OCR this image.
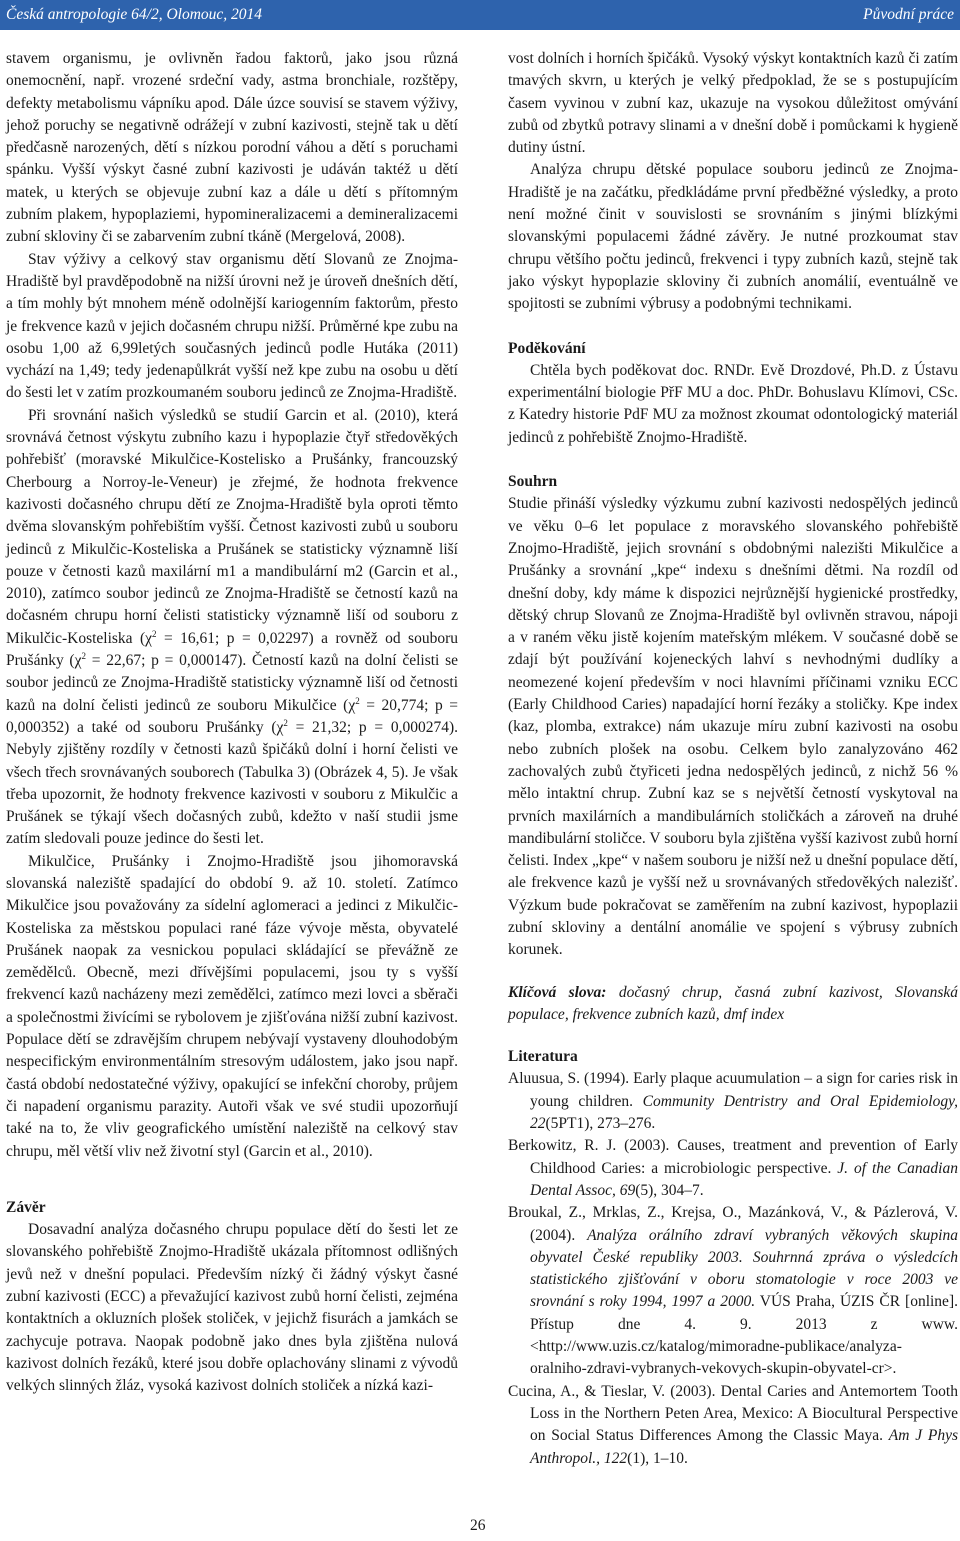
Česká antropologie 64/2, Olomouc, 2014	Původní práce

stavem organismu, je ovlivněn řadou faktorů, jako jsou různá onemocnění, např. vrozené srdeční vady, astma bronchiale, rozštěpy, defekty metabolismu vápníku apod. Dále úzce souvisí se stavem výživy, jehož poruchy se negativně odrážejí v zubní kazivosti, stejně tak u dětí předčasně narozených, dětí s nízkou porodní váhou a dětí s poruchami spánku. Vyšší výskyt časné zubní kazivosti je udáván taktéž u dětí matek, u kterých se objevuje zubní kaz a dále u dětí s přítomným zubním plakem, hypoplaziemi, hypomineralizacemi a demineralizacemi zubní skloviny či se zabarvením zubní tkáně (Mergelová, 2008).

Stav výživy a celkový stav organismu dětí Slovanů ze Znojma-Hradiště byl pravděpodobně na nižší úrovni než je úroveň dnešních dětí, a tím mohly být mnohem méně odolnější kariogenním faktorům, přesto je frekvence kazů v jejich dočasném chrupu nižší. Průměrné kpe zubu na osobu 1,00 až 6,99letých současných jedinců podle Hutáka (2011) vychází na 1,49; tedy jedenapůlkrát vyšší než kpe zubu na osobu u dětí do šesti let v zatím prozkoumaném souboru jedinců ze Znojma-Hradiště.

Při srovnání našich výsledků se studií Garcin et al. (2010), která srovnává četnost výskytu zubního kazu i hypoplazie čtyř středověkých pohřebišť (moravské Mikulčice-Kostelisko a Prušánky, francouzský Cherbourg a Norroy-le-Veneur) je zřejmé, že hodnota frekvence kazivosti dočasného chrupu dětí ze Znojma-Hradiště byla oproti těmto dvěma slovanským pohřebištím vyšší. Četnost kazivosti zubů u souboru jedinců z Mikulčic-Kosteliska a Prušánek se statisticky významně liší pouze v četnosti kazů maxilární m1 a mandibulární m2 (Garcin et al., 2010), zatímco soubor jedinců ze Znojma-Hradiště se četností kazů na dočasném chrupu horní čelisti statisticky významně liší od souboru z Mikulčic-Kosteliska ($\chi^2 = 16,61$; p = 0,02297) a rovněž od souboru Prušánky ($\chi^2 = 22,67$; p = 0,000147). Četností kazů na dolní čelisti se soubor jedinců ze Znojma-Hradiště statisticky významně liší od četnosti kazů na dolní čelisti jedinců ze souboru Mikulčice ($\chi^2 = 20,774$; p = 0,000352) a také od souboru Prušánky ($\chi^2 = 21,32$; p = 0,000274). Nebyly zjištěny rozdíly v četnosti kazů špičáků dolní i horní čelisti ve všech třech srovnávaných souborech (Tabulka 3) (Obrázek 4, 5). Je však třeba upozornit, že hodnoty frekvence kazivosti v souboru z Mikulčic a Prušánek se týkají všech dočasných zubů, kdežto v naší studii jsme zatím sledovali pouze jedince do šesti let.

Mikulčice, Prušánky i Znojmo-Hradiště jsou jihomoravská slovanská naleziště spadající do období 9. až 10. století. Zatímco Mikulčice jsou považovány za sídelní aglomeraci a jedinci z Mikulčic-Kosteliska za městskou populaci rané fáze vývoje města, obyvatelé Prušánek naopak za vesnickou populaci skládající se převážně ze zemědělců. Obecně, mezi dřívějšími populacemi, jsou ty s vyšší frekvencí kazů nacházeny mezi zemědělci, zatímco mezi lovci a sběrači a společnostmi živícími se rybolovem je zjišťována nižší zubní kazivost. Populace dětí se zdravějším chrupem nebývají vystaveny dlouhodobým nespecifickým environmentálním stresovým událostem, jako jsou např. častá období nedostatečné výživy, opakující se infekční choroby, průjem či napadení organismu parazity. Autoři však ve své studii upozorňují také na to, že vliv geografického umístění naleziště na celkový stav chrupu, měl větší vliv než životní styl (Garcin et al., 2010).

Závěr

Dosavadní analýza dočasného chrupu populace dětí do šesti let ze slovanského pohřebiště Znojmo-Hradiště ukázala přítomnost odlišných jevů než v dnešní populaci. Především nízký či žádný výskyt časné zubní kazivosti (ECC) a převažující kazivost zubů horní čelisti, zejména kontaktních a okluzních plošek stoliček, v jejichž fisurách a jamkách se zachycuje potrava. Naopak podobně jako dnes byla zjištěna nulová kazivost dolních řezáků, které jsou dobře oplachovány slinami z vývodů velkých slinných žláz, vysoká kazivost dolních stoliček a nízká kazi-

vost dolních i horních špičáků. Vysoký výskyt kontaktních kazů či zatím tmavých skvrn, u kterých je velký předpoklad, že se s postupujícím časem vyvinou v zubní kaz, ukazuje na vysokou důležitost omývání zubů od zbytků potravy slinami a v dnešní době i pomůckami k hygieně dutiny ústní.

Analýza chrupu dětské populace souboru jedinců ze Znojma-Hradiště je na začátku, předkládáme první předběžné výsledky, a proto není možné činit v souvislosti se srovnáním s jinými blízkými slovanskými populacemi žádné závěry. Je nutné prozkoumat stav chrupu většího počtu jedinců, frekvenci i typy zubních kazů, stejně tak jako výskyt hypoplazie skloviny či zubních anomálií, eventuálně ve spojitosti se zubními výbrusy a podobnými technikami.

Poděkování

Chtěla bych poděkovat doc. RNDr. Evě Drozdové, Ph.D. z Ústavu experimentální biologie PřF MU a doc. PhDr. Bohuslavu Klímovi, CSc. z Katedry historie PdF MU za možnost zkoumat odontologický materiál jedinců z pohřebiště Znojmo-Hradiště.

Souhrn

Studie přináší výsledky výzkumu zubní kazivosti nedospělých jedinců ve věku 0–6 let populace z moravského slovanského pohřebiště Znojmo-Hradiště, jejich srovnání s obdobnými nalezišti Mikulčice a Prušánky a srovnání „kpe“ indexu s dnešními dětmi. Na rozdíl od dnešní doby, kdy máme k dispozici nejrůznější hygienické prostředky, dětský chrup Slovanů ze Znojma-Hradiště byl ovlivněn stravou, nápoji a v raném věku jistě kojením mateřským mlékem. V současné době se zdají být používání kojeneckých lahví s nevhodnými dudlíky a neomezené kojení především v noci hlavními příčinami vzniku ECC (Early Childhood Caries) napadající horní řezáky a stoličky. Kpe index (kaz, plomba, extrakce) nám ukazuje míru zubní kazivosti na osobu nebo zubních plošek na osobu. Celkem bylo zanalyzováno 462 zachovalých zubů čtyřiceti jedna nedospělých jedinců, z nichž 56 % mělo intaktní chrup. Zubní kaz se s největší četností vyskytoval na prvních maxilárních a mandibulárních stoličkách a zároveň na druhé mandibulární stoličce. V souboru byla zjištěna vyšší kazivost zubů horní čelisti. Index „kpe“ v našem souboru je nižší než u dnešní populace dětí, ale frekvence kazů je vyšší než u srovnávaných středověkých nalezišť. Výzkum bude pokračovat se zaměřením na zubní kazivost, hypoplazii zubní skloviny a dentální anomálie ve spojení s výbrusy zubních korunek.

Klíčová slova: dočasný chrup, časná zubní kazivost, Slovanská populace, frekvence zubních kazů, dmf index

Literatura

Aluusua, S. (1994). Early plaque acuumulation – a sign for caries risk in young children. Community Dentristry and Oral Epidemiology, 22(5PT1), 273–276.

Berkowitz, R. J. (2003). Causes, treatment and prevention of Early Childhood Caries: a microbiologic perspective. J. of the Canadian Dental Assoc, 69(5), 304–7.

Broukal, Z., Mrklas, Z., Krejsa, O., Mazánková, V., & Pázlerová, V. (2004). Analýza orálního zdraví vybraných věkových skupina obyvatel České republiky 2003. Souhrnná zpráva o výsledcích statistického zjišťování v oboru stomatologie v roce 2003 ve srovnání s roky 1994, 1997 a 2000. VÚS Praha, ÚZIS ČR [online]. Přístup dne 4. 9. 2013 z www.<http://www.uzis.cz/katalog/mimoradne-publikace/analyza-oralniho-zdravi-vybranych-vekovych-skupin-obyvatel-cr>.

Cucina, A., & Tieslar, V. (2003). Dental Caries and Antemortem Tooth Loss in the Northern Peten Area, Mexico: A Biocultural Perspective on Social Status Differences Among the Classic Maya. Am J Phys Anthropol., 122(1), 1–10.

26
